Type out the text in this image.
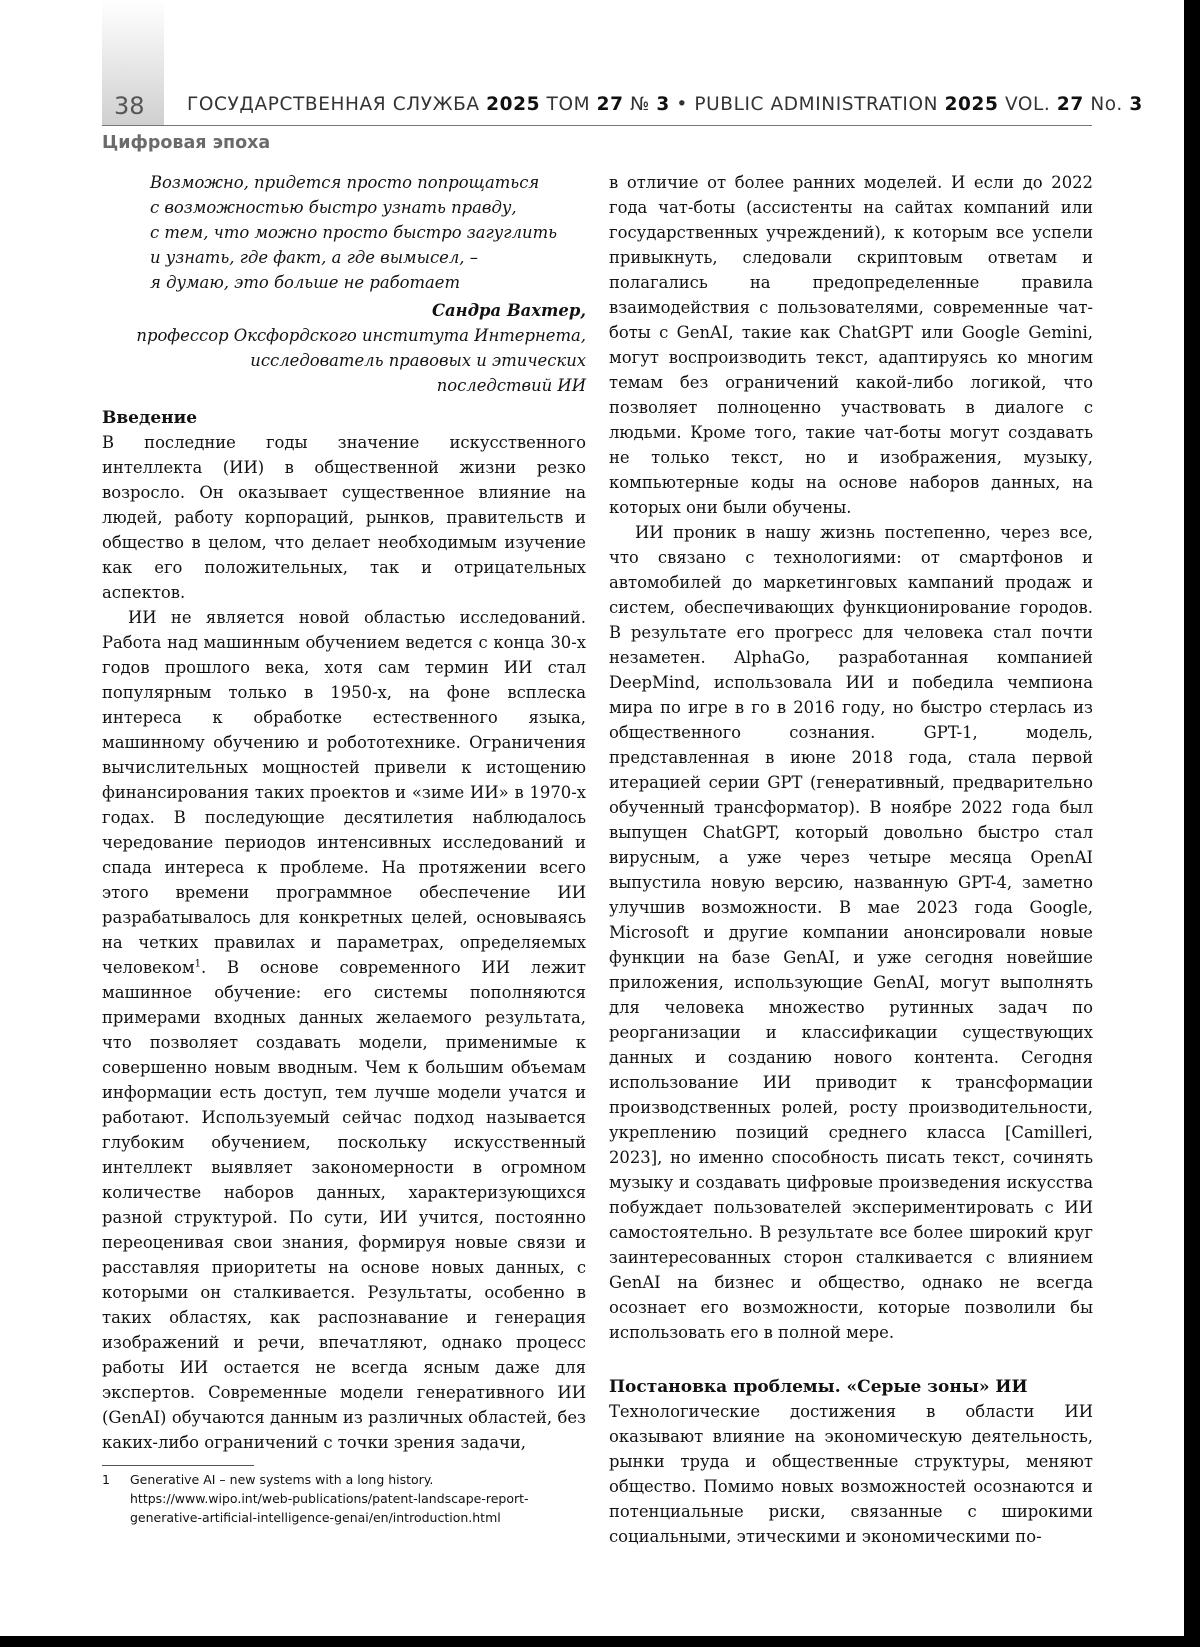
38 ГОСУДАРСТВЕННАЯ СЛУЖБА 2025 ТОМ 27 № 3 • PUBLIC ADMINISTRATION 2025 VOL. 27 No. 3
Цифровая эпоха
Возможно, придется просто попрощаться
с возможностью быстро узнать правду,
с тем, что можно просто быстро загуглить
и узнать, где факт, а где вымысел, –
я думаю, это больше не работает
Сандра Вахтер,
профессор Оксфордского института Интернета,
исследователь правовых и этических
последствий ИИ
Введение

В последние годы значение искусственного интеллекта (ИИ) в общественной жизни резко возросло. Он оказывает существенное влияние на людей, работу корпораций, рынков, правительств и общество в целом, что делает необходимым изучение как его положительных, так и отрицательных аспектов.

ИИ не является новой областью исследований. Работа над машинным обучением ведется с конца 30-х годов прошлого века, хотя сам термин ИИ стал популярным только в 1950-х, на фоне всплеска интереса к обработке естественного языка, машинному обучению и робототехнике. Ограничения вычислительных мощностей привели к истощению финансирования таких проектов и «зиме ИИ» в 1970-х годах. В последующие десятилетия наблюдалось чередование периодов интенсивных исследований и спада интереса к проблеме. На протяжении всего этого времени программное обеспечение ИИ разрабатывалось для конкретных целей, основываясь на четких правилах и параметрах, определяемых человеком$^1$. В основе современного ИИ лежит машинное обучение: его системы пополняются примерами входных данных желаемого результата, что позволяет создавать модели, применимые к совершенно новым вводным. Чем к большим объемам информации есть доступ, тем лучше модели учатся и работают. Используемый сейчас подход называется глубоким обучением, поскольку искусственный интеллект выявляет закономерности в огромном количестве наборов данных, характеризующихся разной структурой. По сути, ИИ учится, постоянно переоценивая свои знания, формируя новые связи и расставляя приоритеты на основе новых данных, с которыми он сталкивается. Результаты, особенно в таких областях, как распознавание и генерация изображений и речи, впечатляют, однако процесс работы ИИ остается не всегда ясным даже для экспертов. Современные модели генеративного ИИ (GenAI) обучаются данным из различных областей, без каких-либо ограничений с точки зрения задачи,

1	Generative AI – new systems with a long history. https://www.wipo.int/web-publications/patent-landscape-report-generative-artificial-intelligence-genai/en/introduction.html

в отличие от более ранних моделей. И если до 2022 года чат-боты (ассистенты на сайтах компаний или государственных учреждений), к которым все успели привыкнуть, следовали скриптовым ответам и полагались на предопределенные правила взаимодействия с пользователями, современные чат-боты с GenAI, такие как ChatGPT или Google Gemini, могут воспроизводить текст, адаптируясь ко многим темам без ограничений какой-либо логикой, что позволяет полноценно участвовать в диалоге с людьми. Кроме того, такие чат-боты могут создавать не только текст, но и изображения, музыку, компьютерные коды на основе наборов данных, на которых они были обучены.

ИИ проник в нашу жизнь постепенно, через все, что связано с технологиями: от смартфонов и автомобилей до маркетинговых кампаний продаж и систем, обеспечивающих функционирование городов. В результате его прогресс для человека стал почти незаметен. AlphaGo, разработанная компанией DeepMind, использовала ИИ и победила чемпиона мира по игре в го в 2016 году, но быстро стерлась из общественного сознания. GPT-1, модель, представленная в июне 2018 года, стала первой итерацией серии GPT (генеративный, предварительно обученный трансформатор). В ноябре 2022 года был выпущен ChatGPT, который довольно быстро стал вирусным, а уже через четыре месяца OpenAI выпустила новую версию, названную GPT-4, заметно улучшив возможности. В мае 2023 года Google, Microsoft и другие компании анонсировали новые функции на базе GenAI, и уже сегодня новейшие приложения, использующие GenAI, могут выполнять для человека множество рутинных задач по реорганизации и классификации существующих данных и созданию нового контента. Сегодня использование ИИ приводит к трансформации производственных ролей, росту производительности, укреплению позиций среднего класса [Camilleri, 2023], но именно способность писать текст, сочинять музыку и создавать цифровые произведения искусства побуждает пользователей экспериментировать с ИИ самостоятельно. В результате все более широкий круг заинтересованных сторон сталкивается с влиянием GenAI на бизнес и общество, однако не всегда осознает его возможности, которые позволили бы использовать его в полной мере.

Постановка проблемы. «Серые зоны» ИИ

Технологические достижения в области ИИ оказывают влияние на экономическую деятельность, рынки труда и общественные структуры, меняют общество. Помимо новых возможностей осознаются и потенциальные риски, связанные с широкими социальными, этическими и экономическими по-
